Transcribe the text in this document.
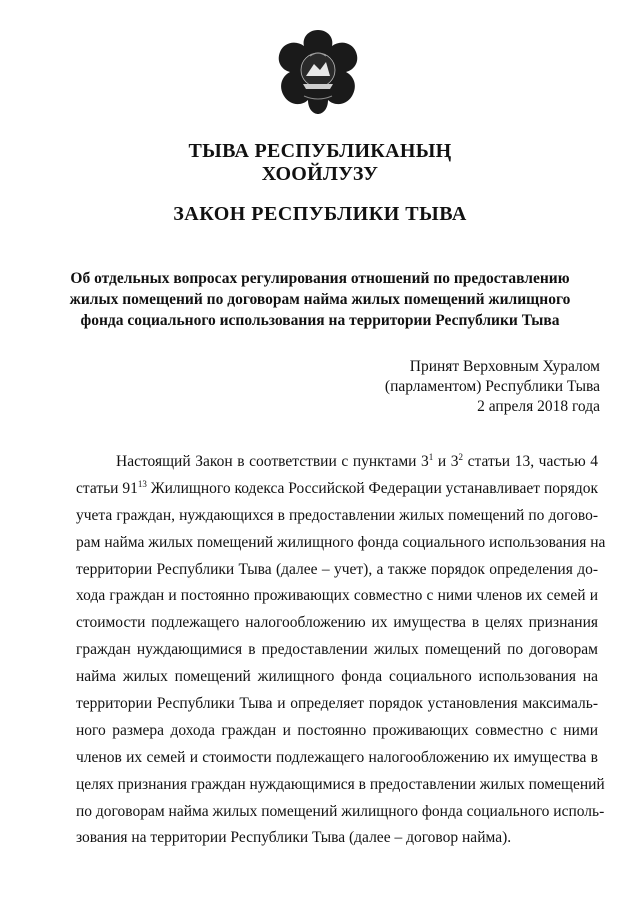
ТЫВА РЕСПУБЛИКАНЫҢ
ХООЙЛУЗУ
ЗАКОН РЕСПУБЛИКИ ТЫВА
Об отдельных вопросах регулирования отношений по предоставлению
жилых помещений по договорам найма жилых помещений жилищного
фонда социального использования на территории Республики Тыва
Принят Верховным Хуралом
(парламентом) Республики Тыва
2 апреля 2018 года
Настоящий Закон в соответствии с пунктами $3^1$ и $3^2$ статьи 13, частью 4
статьи $91^{13}$ Жилищного кодекса Российской Федерации устанавливает порядок
учета граждан, нуждающихся в предоставлении жилых помещений по догово-
рам найма жилых помещений жилищного фонда социального использования на
территории Республики Тыва (далее – учет), а также порядок определения до-
хода граждан и постоянно проживающих совместно с ними членов их семей и
стоимости подлежащего налогообложению их имущества в целях признания
граждан нуждающимися в предоставлении жилых помещений по договорам
найма жилых помещений жилищного фонда социального использования на
территории Республики Тыва и определяет порядок установления максималь-
ного размера дохода граждан и постоянно проживающих совместно с ними
членов их семей и стоимости подлежащего налогообложению их имущества в
целях признания граждан нуждающимися в предоставлении жилых помещений
по договорам найма жилых помещений жилищного фонда социального исполь-
зования на территории Республики Тыва (далее – договор найма).
